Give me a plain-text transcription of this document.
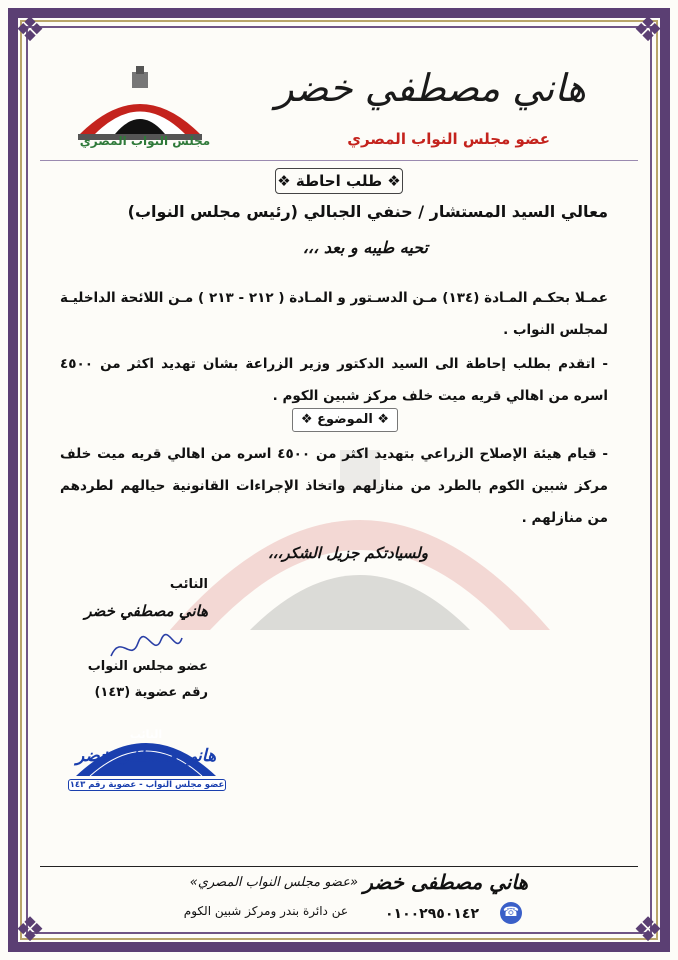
❖	❖
❖	❖
هاني مصطفي خضر
عضو مجلس النواب المصري
مجلس النواب المصري
❖ طلب احاطة ❖
معالي السيد المستشار / حنفي الجبالي (رئيس مجلس النواب)
تحيه طيبه و بعد ،،،
عمـلا بحكـم المـادة (١٣٤) مـن الدسـتور و المـادة ( ٢١٢ - ٢١٣ ) مـن اللائحة الداخليـة لمجلس النواب .
- اتقدم بطلب إحاطة الى السيد الدكتور وزير الزراعة بشان تهديد اكثر من ٤٥٠٠ اسره من اهالي قريه ميت خلف مركز شبين الكوم .
❖ الموضوع ❖
- قيام هيئة الإصلاح الزراعي بتهديد اكثر من ٤٥٠٠ اسره من اهالي قريه ميت خلف مركز شبين الكوم بالطرد من منازلهم واتخاذ الإجراءات القانونية حيالهم لطردهم من منازلهم .
ولسيادتكم جزيل الشكر،،،
النائب
هاني مصطفي خضر
عضو مجلس النواب
رقم عضوية (١٤٣)
النائب
هاني مصطفي خضر
عضو مجلس النواب - عضوية رقم ١٤٣
هاني مصطفى خضر
«عضو مجلس النواب المصري»
عن دائرة بندر ومركز شبين الكوم	☎
٠١٠٠٢٩٥٠١٤٢
